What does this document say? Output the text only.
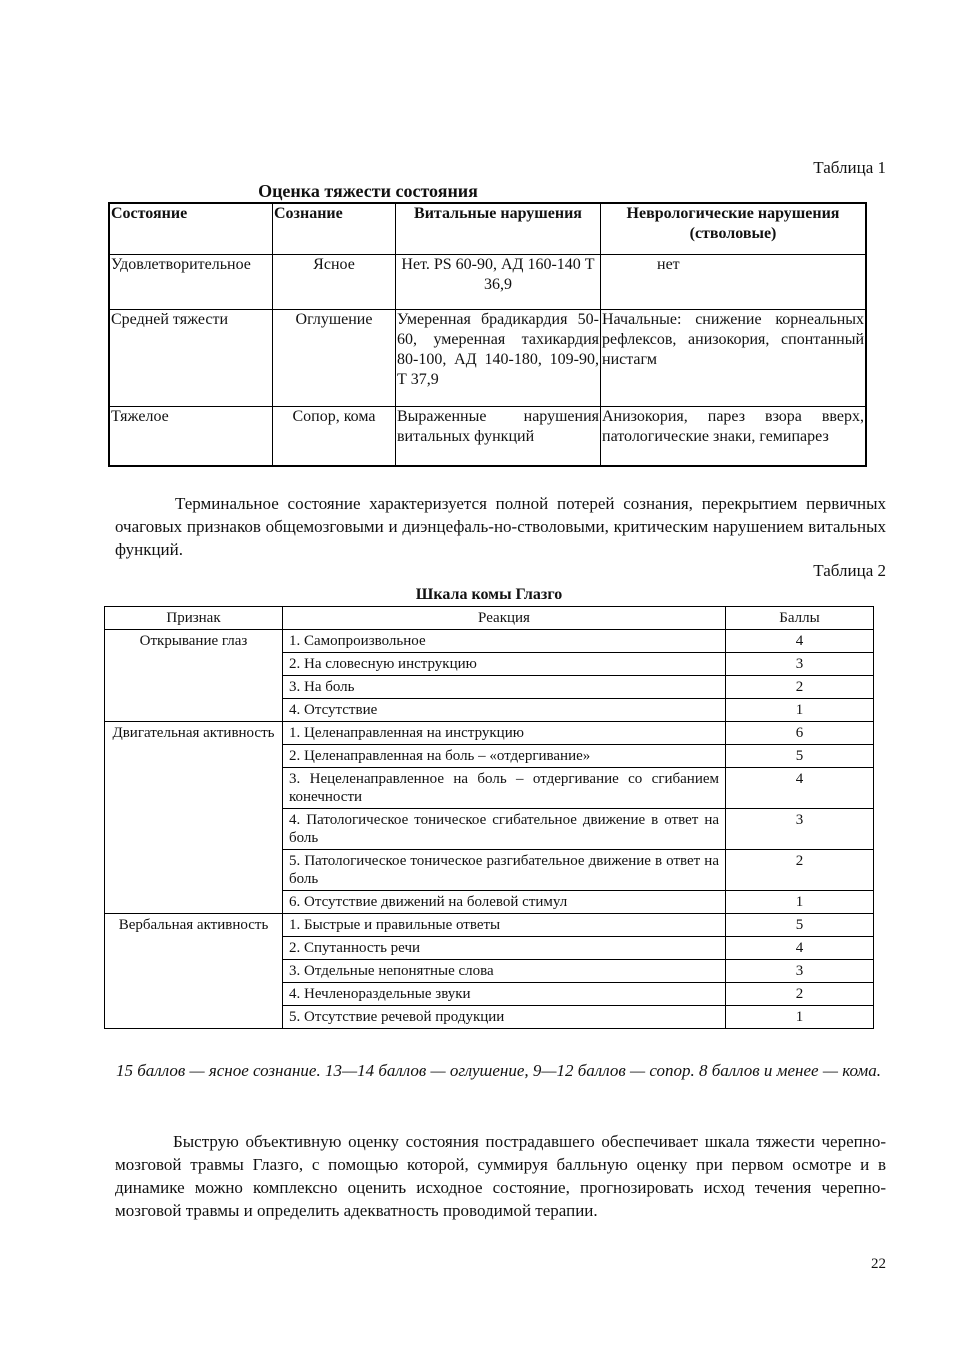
Таблица 1
Оценка тяжести состояния
Состояние	Сознание	Витальные нарушения	Неврологические нарушения (стволовые)
Удовлетворительное	Ясное	Нет. PS 60-90, АД 160-140 Т 36,9	нет
Средней тяжести	Оглушение	Умеренная брадикардия 50-60, умеренная тахикардия 80-100, АД 140-180, 109-90, Т 37,9	Начальные: снижение корнеальных рефлексов, анизокория, спонтанный нистагм
Тяжелое	Сопор, кома	Выраженные нарушения витальных функций	Анизокория, парез взора вверх, патологические знаки, гемипарез
Терминальное состояние характеризуется полной потерей сознания, перекрытием первичных очаговых признаков общемозговыми и диэнцефаль-но-стволовыми, критическим нарушением витальных функций.
Таблица 2
Шкала комы Глазго
Признак	Реакция	Баллы
Открывание глаз	1. Самопроизвольное	4
	2. На словесную инструкцию	3
	3. На боль	2
	4. Отсутствие	1
Двигательная активность	1. Целенаправленная на инструкцию	6
	2. Целенаправленная на боль – «отдергивание»	5
	3. Нецеленаправленное на боль – отдергивание со сгибанием конечности	4
	4. Патологическое тоническое сгибательное движение в ответ на боль	3
	5. Патологическое тоническое разгибательное движение в ответ на боль	2
	6. Отсутствие движений на болевой стимул	1
Вербальная активность	1. Быстрые и правильные ответы	5
	2. Спутанность речи	4
	3. Отдельные непонятные слова	3
	4. Нечленораздельные звуки	2
	5. Отсутствие речевой продукции	1
15 баллов — ясное сознание. 13—14 баллов — оглушение, 9—12 баллов — сопор. 8 баллов и менее — кома.
Быструю объективную оценку состояния пострадавшего обеспечивает шкала тяжести черепно-мозговой травмы Глазго, с помощью которой, суммируя балльную оценку при первом осмотре и в динамике можно комплексно оценить исходное состояние, прогнозировать исход течения черепно-мозговой травмы и определить адекватность проводимой терапии.
22
